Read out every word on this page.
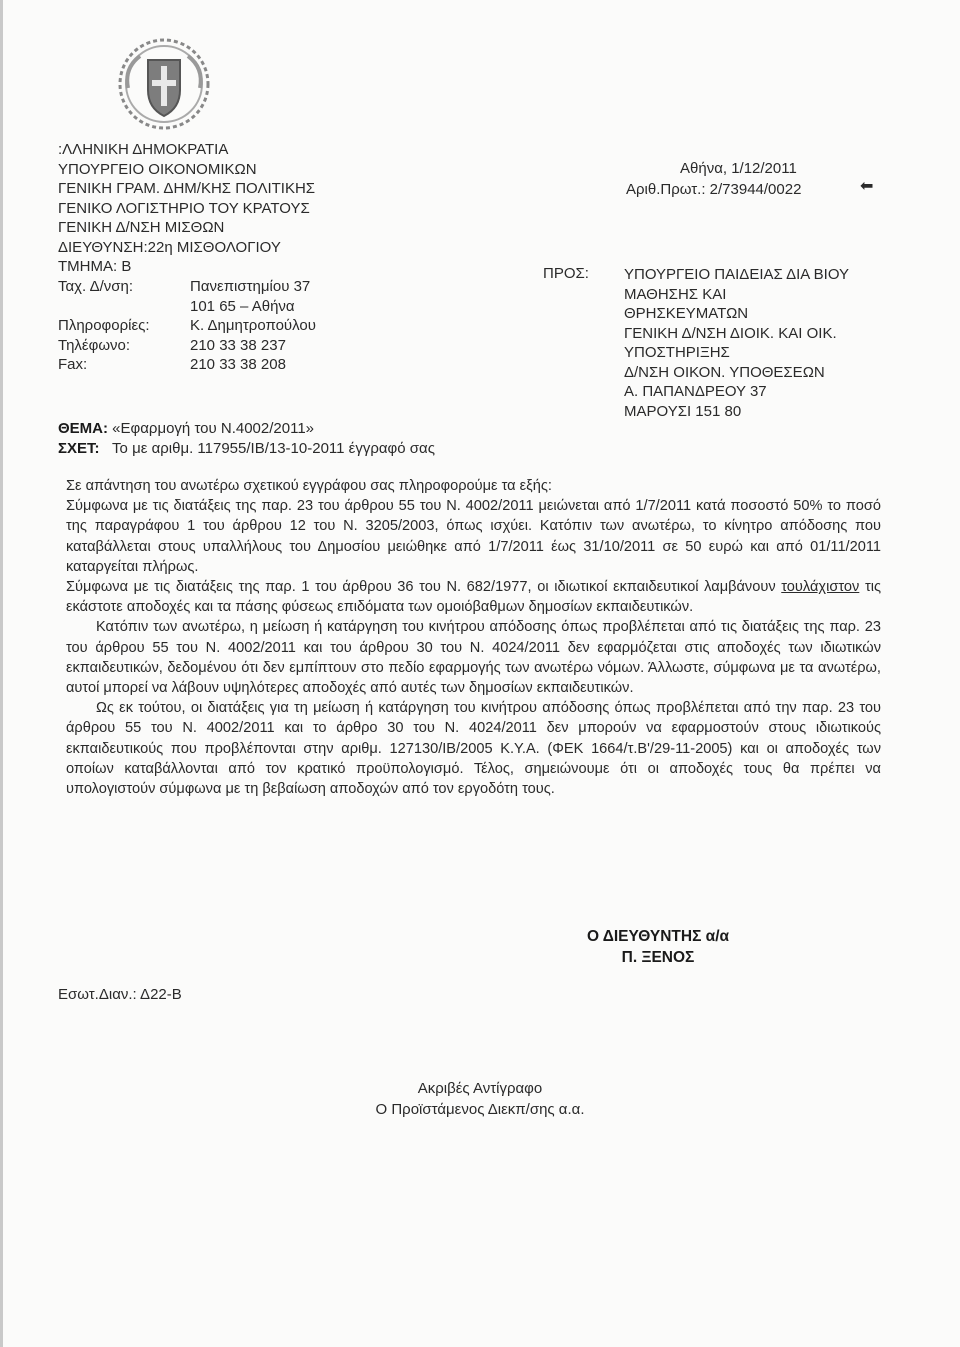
:ΛΛΗΝΙΚΗ ΔΗΜΟΚΡΑΤΙΑ
ΥΠΟΥΡΓΕΙΟ ΟΙΚΟΝΟΜΙΚΩΝ
ΓΕΝΙΚΗ ΓΡΑΜ. ΔΗΜ/ΚΗΣ ΠΟΛΙΤΙΚΗΣ
ΓΕΝΙΚΟ ΛΟΓΙΣΤΗΡΙΟ ΤΟΥ ΚΡΑΤΟΥΣ
ΓΕΝΙΚΗ Δ/ΝΣΗ ΜΙΣΘΩΝ
ΔΙΕΥΘΥΝΣΗ:22η ΜΙΣΘΟΛΟΓΙΟΥ
ΤΜΗΜΑ: Β
Ταχ. Δ/νση:	Πανεπιστημίου 37
101 65 – Αθήνα
Πληροφορίες:	Κ. Δημητροπούλου
Τηλέφωνο:	210 33 38 237
Fax:	210 33 38 208
Αθήνα, 1/12/2011
Αριθ.Πρωτ.: 2/73944/0022	⬅
ΠΡΟΣ: ΥΠΟΥΡΓΕΙΟ ΠΑΙΔΕΙΑΣ ΔΙΑ ΒΙΟΥ
ΜΑΘΗΣΗΣ ΚΑΙ
ΘΡΗΣΚΕΥΜΑΤΩΝ
ΓΕΝΙΚΗ Δ/ΝΣΗ ΔΙΟΙΚ. ΚΑΙ ΟΙΚ.
ΥΠΟΣΤΗΡΙΞΗΣ
Δ/ΝΣΗ ΟΙΚΟΝ. ΥΠΟΘΕΣΕΩΝ
Α. ΠΑΠΑΝΔΡΕΟΥ 37
ΜΑΡΟΥΣΙ 151 80
ΘΕΜΑ: «Εφαρμογή του Ν.4002/2011»
ΣΧΕΤ: Το με αριθμ. 117955/ΙΒ/13-10-2011 έγγραφό σας

Σε απάντηση του ανωτέρω σχετικού εγγράφου σας πληροφορούμε τα εξής:

Σύμφωνα με τις διατάξεις της παρ. 23 του άρθρου 55 του Ν. 4002/2011 μειώνεται από 1/7/2011 κατά ποσοστό 50% το ποσό της παραγράφου 1 του άρθρου 12 του Ν. 3205/2003, όπως ισχύει. Κατόπιν των ανωτέρω, το κίνητρο απόδοσης που καταβάλλεται στους υπαλλήλους του Δημοσίου μειώθηκε από 1/7/2011 έως 31/10/2011 σε 50 ευρώ και από 01/11/2011 καταργείται πλήρως.

Σύμφωνα με τις διατάξεις της παρ. 1 του άρθρου 36 του Ν. 682/1977, οι ιδιωτικοί εκπαιδευτικοί λαμβάνουν τουλάχιστον τις εκάστοτε αποδοχές και τα πάσης φύσεως επιδόματα των ομοιόβαθμων δημοσίων εκπαιδευτικών.

Κατόπιν των ανωτέρω, η μείωση ή κατάργηση του κινήτρου απόδοσης όπως προβλέπεται από τις διατάξεις της παρ. 23 του άρθρου 55 του Ν. 4002/2011 και του άρθρου 30 του Ν. 4024/2011 δεν εφαρμόζεται στις αποδοχές των ιδιωτικών εκπαιδευτικών, δεδομένου ότι δεν εμπίπτουν στο πεδίο εφαρμογής των ανωτέρω νόμων. Άλλωστε, σύμφωνα με τα ανωτέρω, αυτοί μπορεί να λάβουν υψηλότερες αποδοχές από αυτές των δημοσίων εκπαιδευτικών.

Ως εκ τούτου, οι διατάξεις για τη μείωση ή κατάργηση του κινήτρου απόδοσης όπως προβλέπεται από την παρ. 23 του άρθρου 55 του Ν. 4002/2011 και το άρθρο 30 του Ν. 4024/2011 δεν μπορούν να εφαρμοστούν στους ιδιωτικούς εκπαιδευτικούς που προβλέπονται στην αριθμ. 127130/ΙΒ/2005 Κ.Υ.Α. (ΦΕΚ 1664/τ.Β'/29-11-2005) και οι αποδοχές των οποίων καταβάλλονται από τον κρατικό προϋπολογισμό. Τέλος, σημειώνουμε ότι οι αποδοχές τους θα πρέπει να υπολογιστούν σύμφωνα με τη βεβαίωση αποδοχών από τον εργοδότη τους.

Ο ΔΙΕΥΘΥΝΤΗΣ α/α
Π. ΞΕΝΟΣ
Εσωτ.Διαν.: Δ22-Β
Ακριβές Αντίγραφο
Ο Προϊστάμενος Διεκπ/σης α.α.
